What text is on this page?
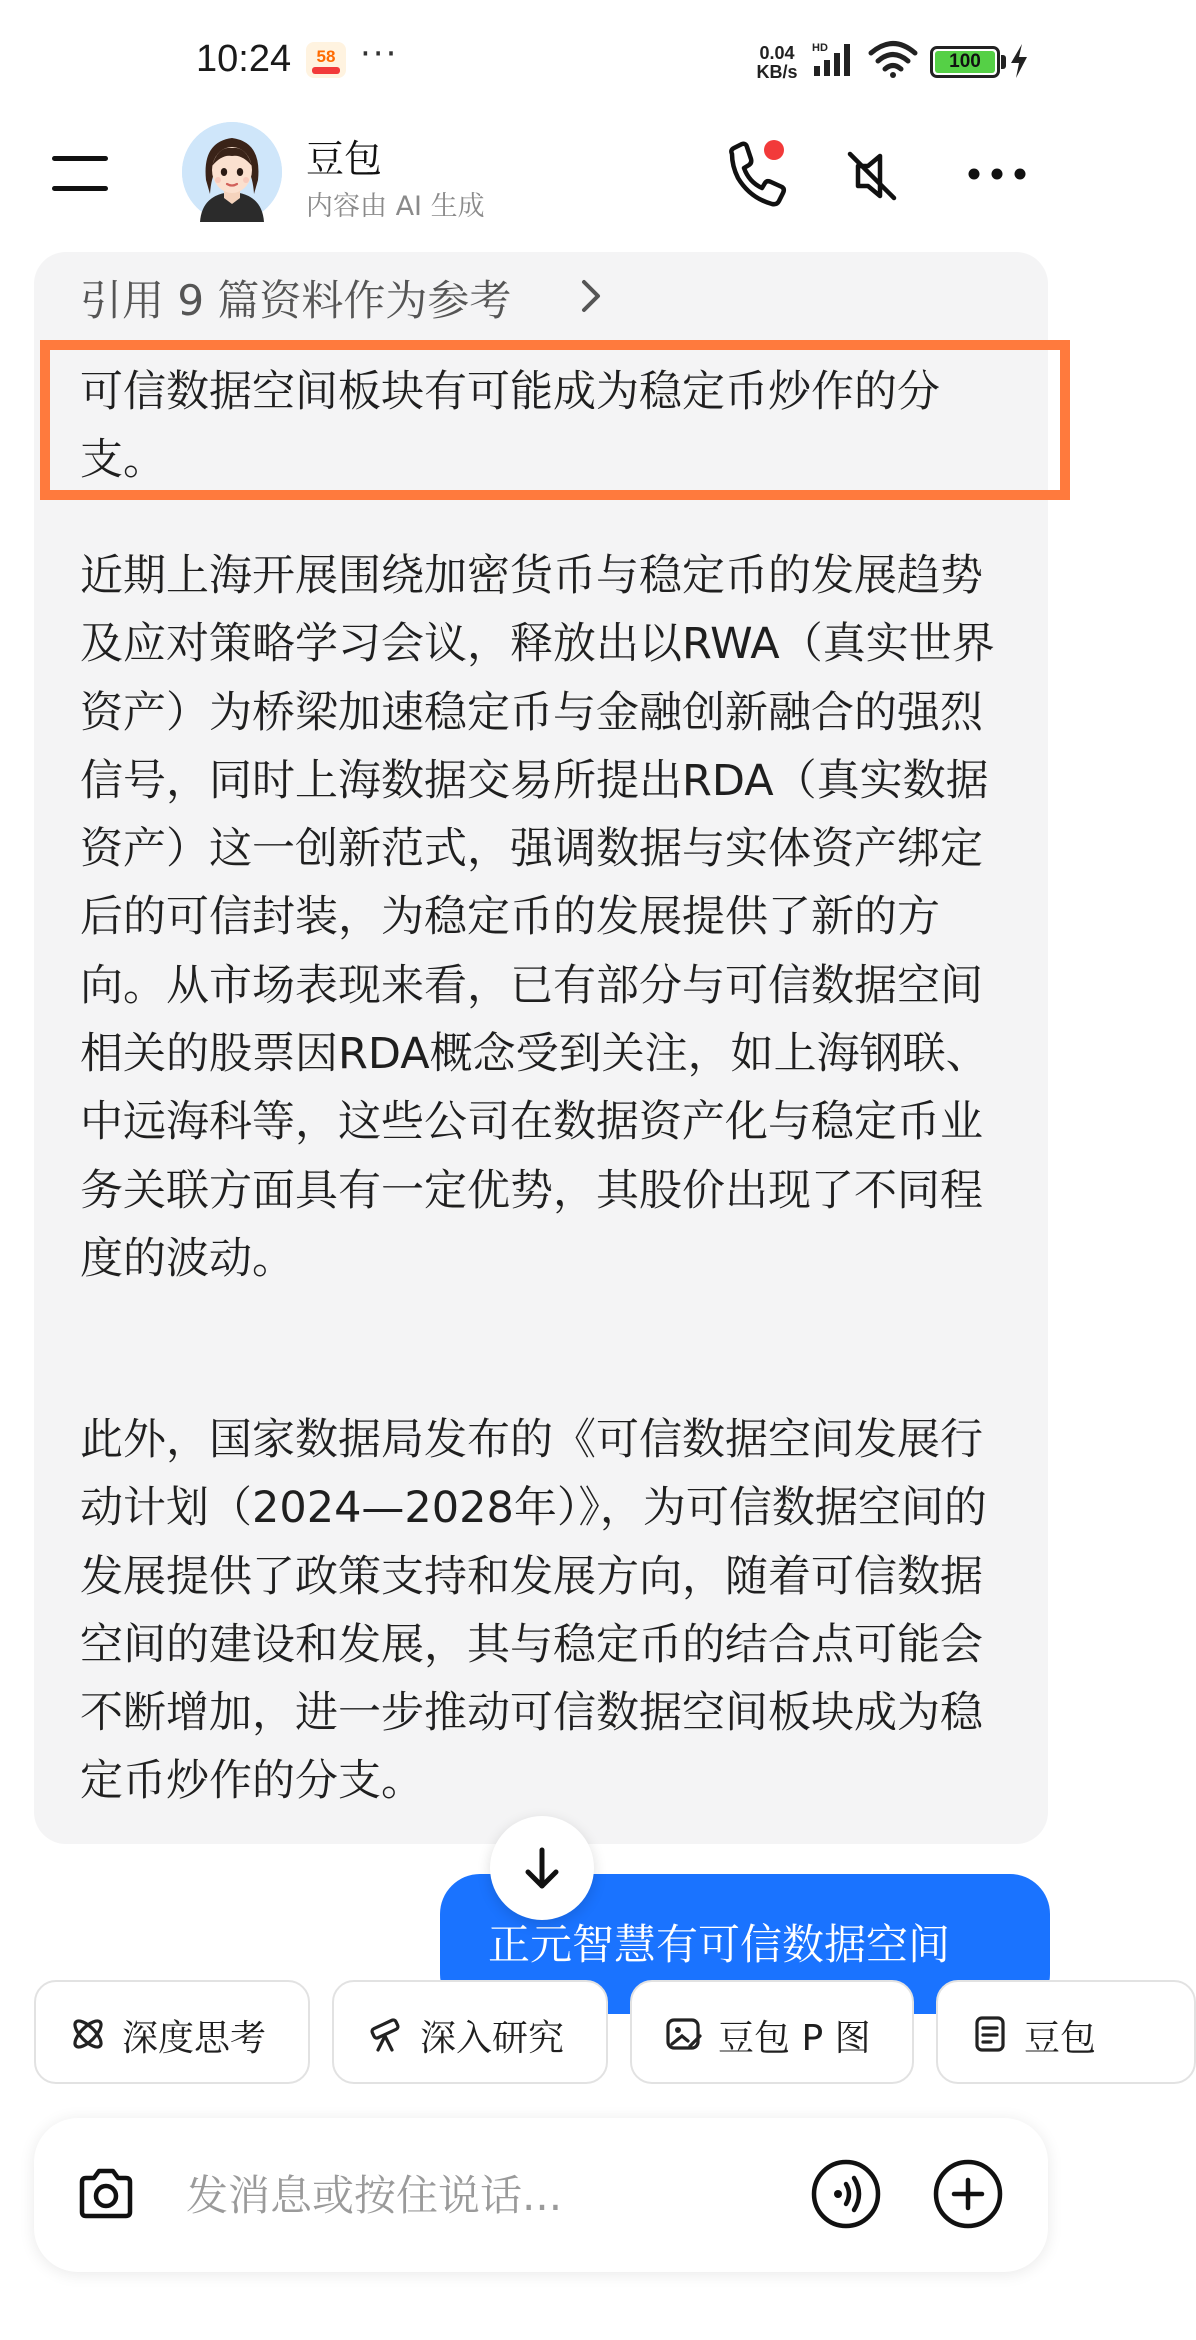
10:24 58 ···	0.04
KB/s
HD
100
豆包
内容由 AI 生成
引用 9 篇资料作为参考
可信数据空间板块有可能成为稳定币炒作的分支。
近期上海开展围绕加密货币与稳定币的发展趋势及应对策略学习会议，释放出以RWA（真实世界资产）为桥梁加速稳定币与金融创新融合的强烈信号，同时上海数据交易所提出RDA（真实数据资产）这一创新范式，强调数据与实体资产绑定后的可信封装，为稳定币的发展提供了新的方向。从市场表现来看，已有部分与可信数据空间相关的股票因RDA概念受到关注，如上海钢联、中远海科等，这些公司在数据资产化与稳定币业务关联方面具有一定优势，其股价出现了不同程度的波动。
此外，国家数据局发布的《可信数据空间发展行动计划（2024—2028年）》，为可信数据空间的发展提供了政策支持和发展方向，随着可信数据空间的建设和发展，其与稳定币的结合点可能会不断增加，进一步推动可信数据空间板块成为稳定币炒作的分支。
正元智慧有可信数据空间
深度思考	深入研究	豆包 P 图	豆包
发消息或按住说话...
